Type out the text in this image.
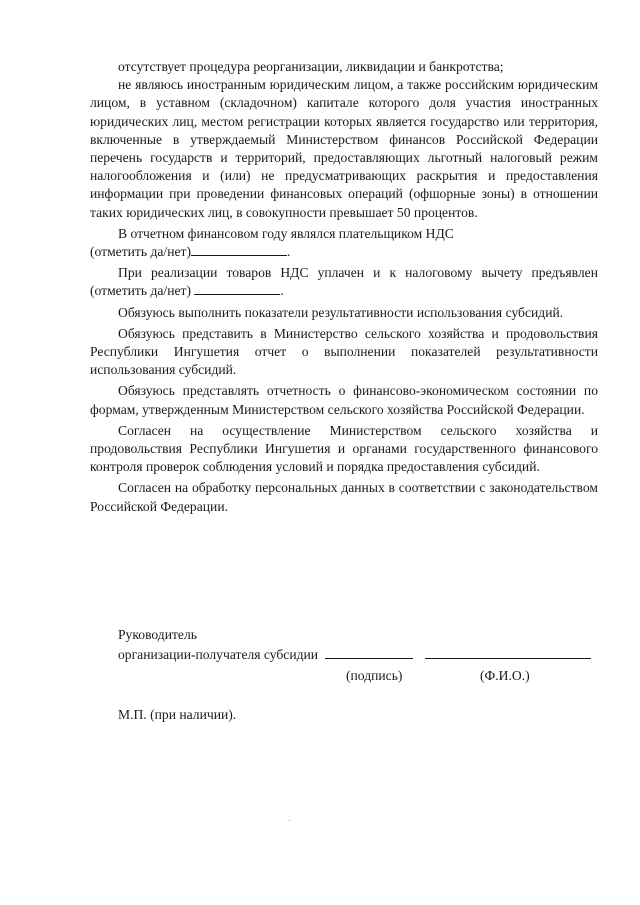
отсутствует процедура реорганизации, ликвидации и банкротства;

не являюсь иностранным юридическим лицом, а также российским юридическим лицом, в уставном (складочном) капитале которого доля участия иностранных юридических лиц, местом регистрации которых является государство или территория, включенные в утверждаемый Министерством финансов Российской Федерации перечень государств и территорий, предоставляющих льготный налоговый режим налогообложения и (или) не предусматривающих раскрытия и предоставления информации при проведении финансовых операций (офшорные зоны) в отношении таких юридических лиц, в совокупности превышает 50 процентов.

В отчетном финансовом году являлся плательщиком НДС
(отметить да/нет)	.

При реализации товаров НДС уплачен и к налоговому вычету предъявлен (отметить да/нет)	.

Обязуюсь выполнить показатели результативности использования субсидий.

Обязуюсь представить в Министерство сельского хозяйства и продовольствия Республики Ингушетия отчет о выполнении показателей результативности использования субсидий.

Обязуюсь представлять отчетность о финансово-экономическом состоянии по формам, утвержденным Министерством сельского хозяйства Российской Федерации.

Согласен на осуществление Министерством сельского хозяйства и продовольствия Республики Ингушетия и органами государственного финансового контроля проверок соблюдения условий и порядка предоставления субсидий.

Согласен на обработку персональных данных в соответствии с законодательством Российской Федерации.

Руководитель
организации-получателя субсидии
(подпись)	(Ф.И.О.)
М.П. (при наличии).
